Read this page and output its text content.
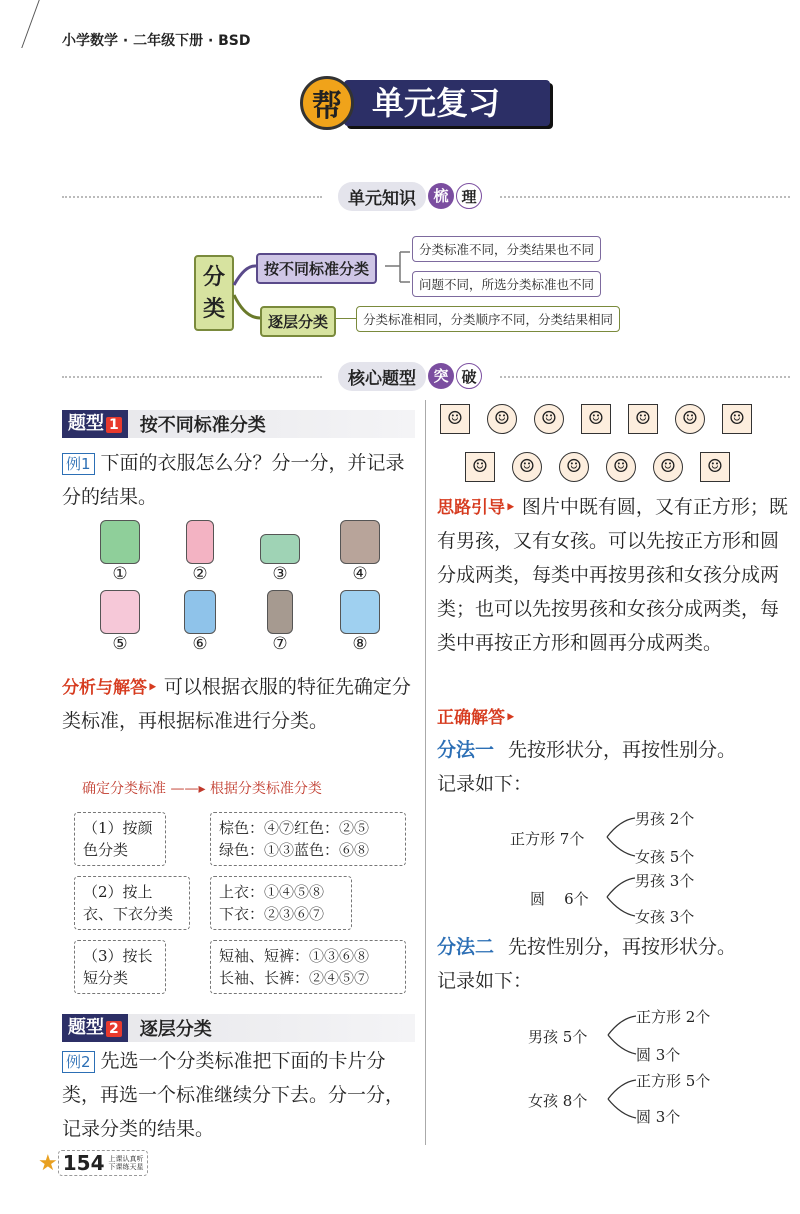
小学数学 · 二年级下册 · BSD
帮 单元复习
单元知识	梳 理
分类
按不同标准分类
逐层分类
分类标准不同，分类结果也不同
问题不同，所选分类标准也不同
分类标准相同，分类顺序不同，分类结果相同
核心题型	突 破
题型 1	按不同标准分类
例1 下面的衣服怎么分？分一分，并记录分的结果。
①	②	③	④
⑤	⑥	⑦	⑧
分析与解答‣ 可以根据衣服的特征先确定分类标准，再根据标准进行分类。
确定分类标准 ——▸ 根据分类标准分类
（1）按颜色分类
棕色：④⑦红色：②⑤
绿色：①③蓝色：⑥⑧
（2）按上衣、下衣分类
上衣：①④⑤⑧
下衣：②③⑥⑦
（3）按长短分类
短袖、短裤：①③⑥⑧
长袖、长裤：②④⑤⑦
题型 2	逐层分类
例2 先选一个分类标准把下面的卡片分类，再选一个标准继续分下去。分一分，记录分类的结果。
☺ ☺ ☺ ☺ ☺ ☺ ☺
☺ ☺ ☺ ☺ ☺ ☺
思路引导‣ 图片中既有圆，又有正方形；既有男孩，又有女孩。可以先按正方形和圆分成两类，每类中再按男孩和女孩分成两类；也可以先按男孩和女孩分成两类，每类中再按正方形和圆再分成两类。
正确解答‣
分法一 先按形状分，再按性别分。
记录如下：
正方形 7个
男孩 2个
女孩 5个
圆 6个
男孩 3个
女孩 3个
分法二 先按性别分，再按形状分。
记录如下：
男孩 5个
正方形 2个
圆 3个
女孩 8个
正方形 5个
圆 3个
★ 154 上课认真听
下课练天星
